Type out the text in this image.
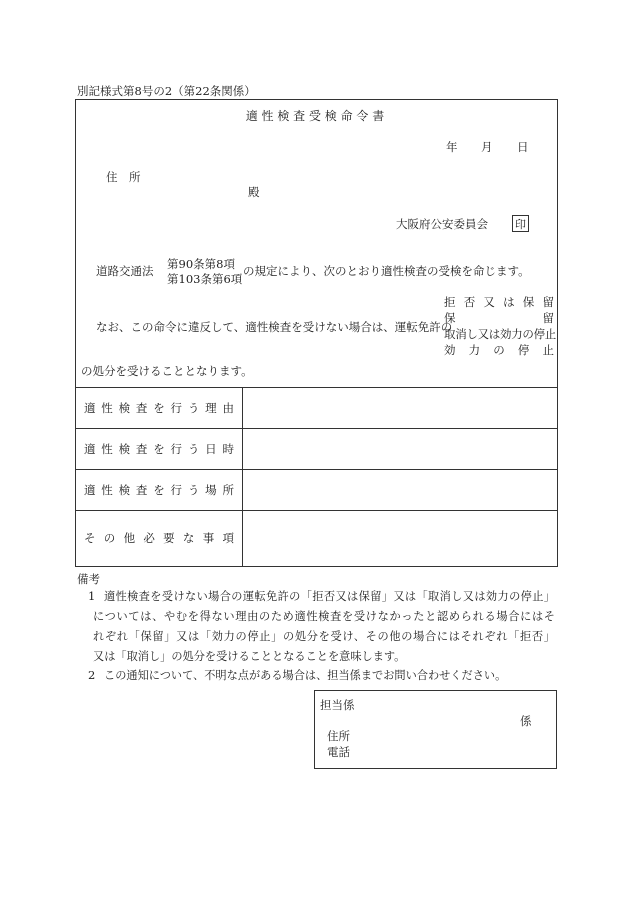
別記様式第8号の2（第22条関係）
適 性 検 査 受 検 命 令 書
年 月 日
住　所
殿
大阪府公安委員会 印
道路交通法 第90条第8項
第103条第6項
の規定により、次のとおり適性検査の受検を命じます。
なお、この命令に違反して、適性検査を受けない場合は、運転免許の
拒否又は保留
保留
取消し又は効力の停止
効力の停止
の処分を受けることとなります。
適性検査を行う理由
適性検査を行う日時
適性検査を行う場所
その他必要な事項
備考
1 適性検査を受けない場合の運転免許の「拒否又は保留」又は「取消し又は効力の停止」
については、やむを得ない理由のため適性検査を受けなかったと認められる場合にはそ
れぞれ「保留」又は「効力の停止」の処分を受け、その他の場合にはそれぞれ「拒否」
又は「取消し」の処分を受けることとなることを意味します。
2 この通知について、不明な点がある場合は、担当係までお問い合わせください。
担当係
係
住所
電話
